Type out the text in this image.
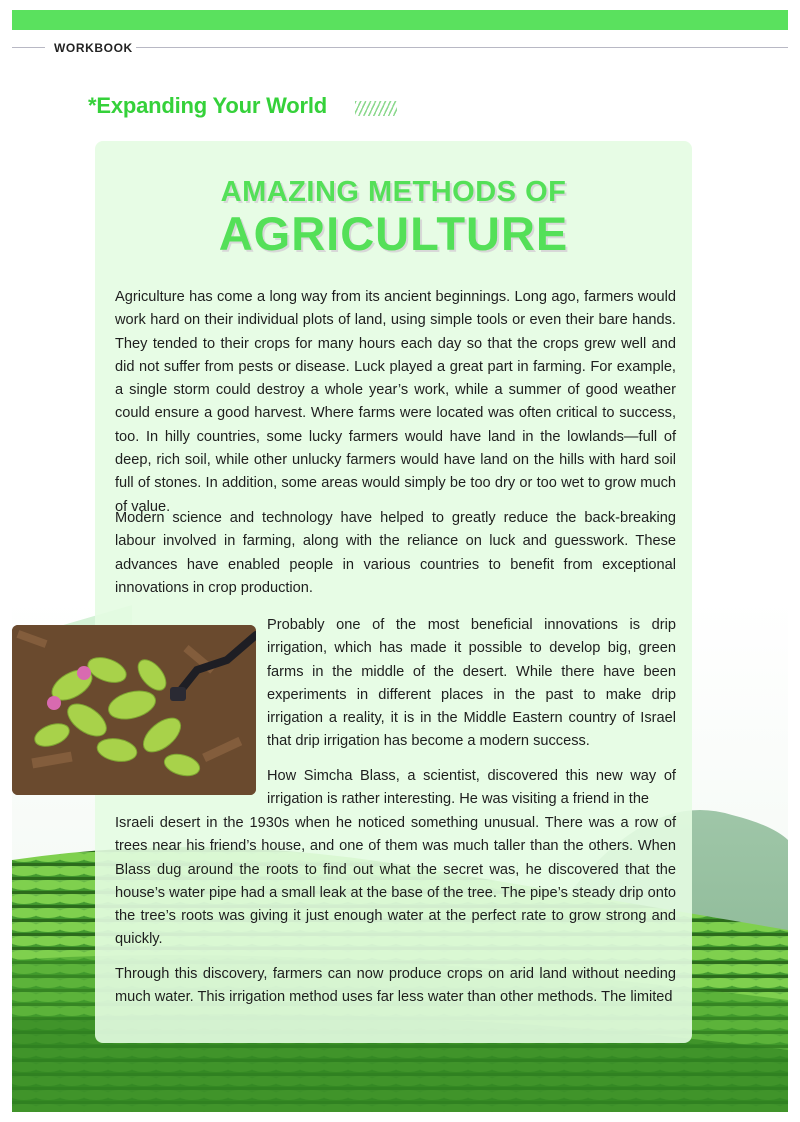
WORKBOOK
*Expanding Your World
AMAZING METHODS OF
AGRICULTURE

Agriculture has come a long way from its ancient beginnings. Long ago, farmers would work hard on their individual plots of land, using simple tools or even their bare hands. They tended to their crops for many hours each day so that the crops grew well and did not suffer from pests or disease. Luck played a great part in farming. For example, a single storm could destroy a whole year’s work, while a summer of good weather could ensure a good harvest. Where farms were located was often critical to success, too. In hilly countries, some lucky farmers would have land in the lowlands—full of deep, rich soil, while other unlucky farmers would have land on the hills with hard soil full of stones. In addition, some areas would simply be too dry or too wet to grow much of value.

Modern science and technology have helped to greatly reduce the back-breaking labour involved in farming, along with the reliance on luck and guesswork. These advances have enabled people in various countries to benefit from exceptional innovations in crop production.

Probably one of the most beneficial innovations is drip irrigation, which has made it possible to develop big, green farms in the middle of the desert. While there have been experiments in different places in the past to make drip irrigation a reality, it is in the Middle Eastern country of Israel that drip irrigation has become a modern success.

How Simcha Blass, a scientist, discovered this new way of irrigation is rather interesting. He was visiting a friend in the

Israeli desert in the 1930s when he noticed something unusual. There was a row of trees near his friend’s house, and one of them was much taller than the others. When Blass dug around the roots to find out what the secret was, he discovered that the house’s water pipe had a small leak at the base of the tree. The pipe’s steady drip onto the tree’s roots was giving it just enough water at the perfect rate to grow strong and quickly.

Through this discovery, farmers can now produce crops on arid land without needing much water. This irrigation method uses far less water than other methods. The limited
